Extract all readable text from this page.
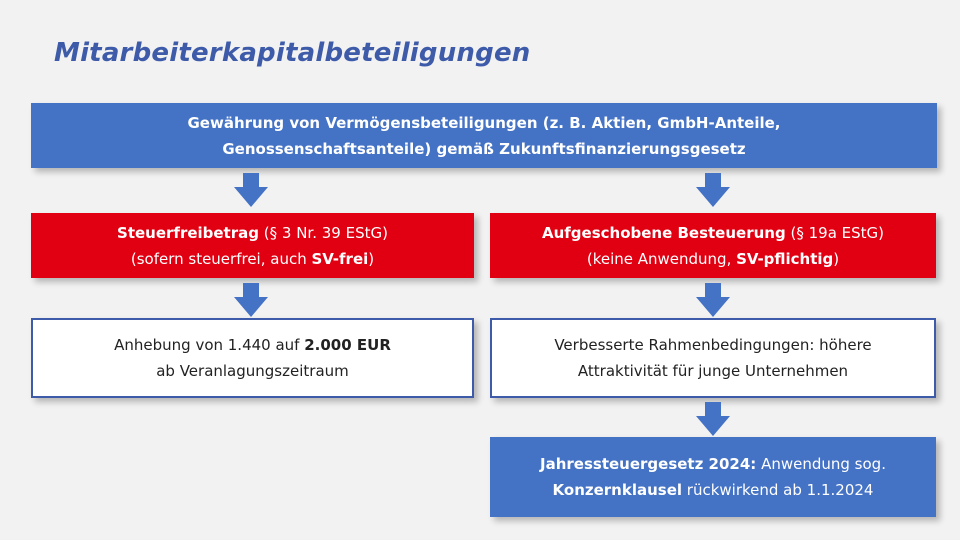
Mitarbeiterkapitalbeteiligungen
Gewährung von Vermögensbeteiligungen (z. B. Aktien, GmbH-Anteile,
Genossenschaftsanteile) gemäß Zukunftsfinanzierungsgesetz
Steuerfreibetrag (§ 3 Nr. 39 EStG)
(sofern steuerfrei, auch SV-frei)
Aufgeschobene Besteuerung (§ 19a EStG)
(keine Anwendung, SV-pflichtig)
Anhebung von 1.440 auf 2.000 EUR
ab Veranlagungszeitraum
Verbesserte Rahmenbedingungen: höhere
Attraktivität für junge Unternehmen
Jahressteuergesetz 2024: Anwendung sog.
Konzernklausel rückwirkend ab 1.1.2024
